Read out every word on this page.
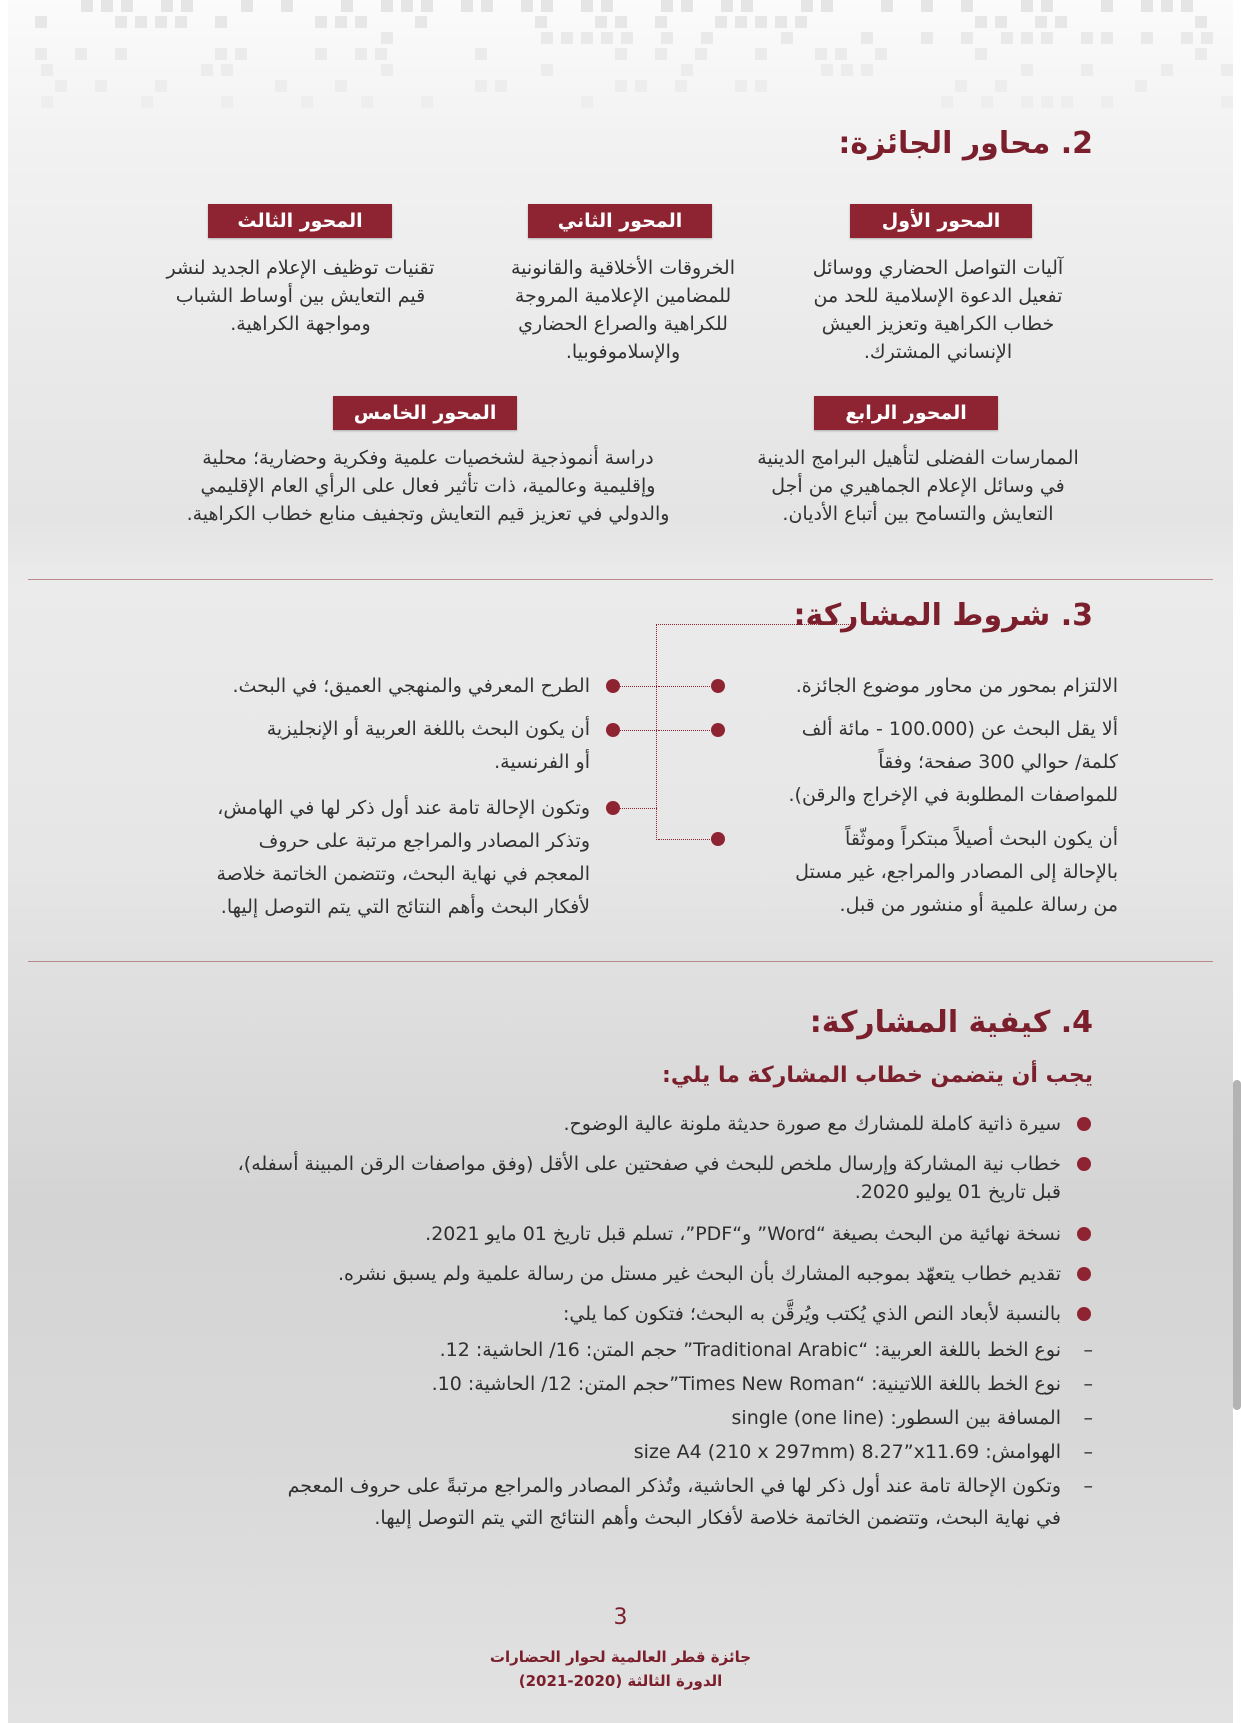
2. محاور الجائزة:
المحور الأول
آليات التواصل الحضاري ووسائل
تفعيل الدعوة الإسلامية للحد من
خطاب الكراهية وتعزيز العيش
الإنساني المشترك.
المحور الثاني
الخروقات الأخلاقية والقانونية
للمضامين الإعلامية المروجة
للكراهية والصراع الحضاري
والإسلاموفوبيا.
المحور الثالث
تقنيات توظيف الإعلام الجديد لنشر
قيم التعايش بين أوساط الشباب
ومواجهة الكراهية.
المحور الرابع
الممارسات الفضلى لتأهيل البرامج الدينية
في وسائل الإعلام الجماهيري من أجل
التعايش والتسامح بين أتباع الأديان.
المحور الخامس
دراسة أنموذجية لشخصيات علمية وفكرية وحضارية؛ محلية
وإقليمية وعالمية، ذات تأثير فعال على الرأي العام الإقليمي
والدولي في تعزيز قيم التعايش وتجفيف منابع خطاب الكراهية.
3. شروط المشاركة:
الالتزام بمحور من محاور موضوع الجائزة.
ألا يقل البحث عن (100.000 - مائة ألف
كلمة/ حوالي 300 صفحة؛ وفقاً
للمواصفات المطلوبة في الإخراج والرقن).
أن يكون البحث أصيلاً مبتكراً وموثّقاً
بالإحالة إلى المصادر والمراجع، غير مستل
من رسالة علمية أو منشور من قبل.
الطرح المعرفي والمنهجي العميق؛ في البحث.
أن يكون البحث باللغة العربية أو الإنجليزية
أو الفرنسية.
وتكون الإحالة تامة عند أول ذكر لها في الهامش،
وتذكر المصادر والمراجع مرتبة على حروف
المعجم في نهاية البحث، وتتضمن الخاتمة خلاصة
لأفكار البحث وأهم النتائج التي يتم التوصل إليها.
4. كيفية المشاركة:
يجب أن يتضمن خطاب المشاركة ما يلي:
سيرة ذاتية كاملة للمشارك مع صورة حديثة ملونة عالية الوضوح.
خطاب نية المشاركة وإرسال ملخص للبحث في صفحتين على الأقل (وفق مواصفات الرقن المبينة أسفله)،
قبل تاريخ 01 يوليو 2020.
نسخة نهائية من البحث بصيغة “Word” و“PDF”، تسلم قبل تاريخ 01 مايو 2021.
تقديم خطاب يتعهّد بموجبه المشارك بأن البحث غير مستل من رسالة علمية ولم يسبق نشره.
بالنسبة لأبعاد النص الذي يُكتب ويُرقَّن به البحث؛ فتكون كما يلي:
–
نوع الخط باللغة العربية: “Traditional Arabic” حجم المتن: 16/ الحاشية: 12.
–
نوع الخط باللغة اللاتينية: “Times New Roman”حجم المتن: 12/ الحاشية: 10.
–
المسافة بين السطور: single (one line)
–
الهوامش: size A4 (210 x 297mm) 8.27”x11.69
–
وتكون الإحالة تامة عند أول ذكر لها في الحاشية، وتُذكر المصادر والمراجع مرتبةً على حروف المعجم
في نهاية البحث، وتتضمن الخاتمة خلاصة لأفكار البحث وأهم النتائج التي يتم التوصل إليها.
3
جائزة قطر العالمية لحوار الحضارات
الدورة الثالثة (2020-2021)
